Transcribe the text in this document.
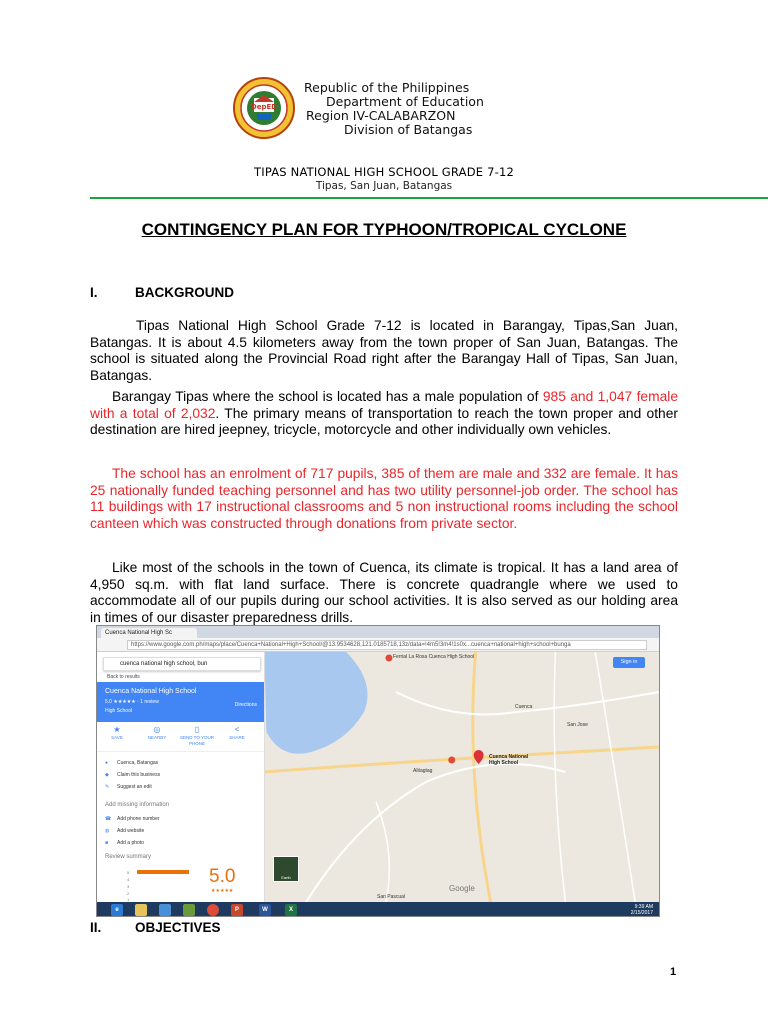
DepED
Republic of the Philippines
Department of Education
Region IV-CALABARZON
Division of Batangas
TIPAS NATIONAL HIGH SCHOOL GRADE 7-12
Tipas, San Juan, Batangas
CONTINGENCY PLAN FOR TYPHOON/TROPICAL CYCLONE
I.	BACKGROUND
Tipas National High School Grade 7-12 is located in Barangay, Tipas,San Juan, Batangas. It is about 4.5 kilometers away from the town proper of San Juan, Batangas. The school is situated along the Provincial Road right after the Barangay Hall of Tipas, San Juan, Batangas.
Barangay Tipas where the school is located has a male population of 985 and 1,047 female with a total of 2,032. The primary means of transportation to reach the town proper and other destination are hired jeepney, tricycle, motorcycle and other individually own vehicles.
The school has an enrolment of 717 pupils, 385 of them are male and 332 are female. It has 25 nationally funded teaching personnel and has two utility personnel-job order. The school has 11 buildings with 17 instructional classrooms and 5 non instructional rooms including the school canteen which was constructed through donations from private sector.
Like most of the schools in the town of Cuenca, its climate is tropical. It has a land area of 4,950 sq.m. with flat land surface. There is concrete quadrangle where we used to accommodate all of our pupils during our school activities. It is also served as our holding area in times of our disaster preparedness drills.
Cuenca National High Sc
https://www.google.com.ph/maps/place/Cuenca+National+High+School/@13.9534628,121.0185718,13z/data=!4m5!3m4!1s0x...cuenca+national+high+school+bunga
Ferrial La Rosa Cuenca High School
Cuenca
San Jose
Cuenca National High School
Alitagtag
San Pascual
Earth
Google
Sign in
cuenca national high school, bun
Back to results
Cuenca National High School
5.0 ★★★★★ · 1 review
High School
Directions
★
SAVE
◎
NEARBY
▯
SEND TO YOUR PHONE
<
SHARE
● Cuenca, Batangas
◆ Claim this business
✎ Suggest an edit
Add missing information
☎ Add phone number
◍ Add website
■ Add a photo
Review summary
5
4
3
2
1
5.0
★★★★★
e	P	W	X	9:39 AM
2/15/2017
II. OBJECTIVES
1
